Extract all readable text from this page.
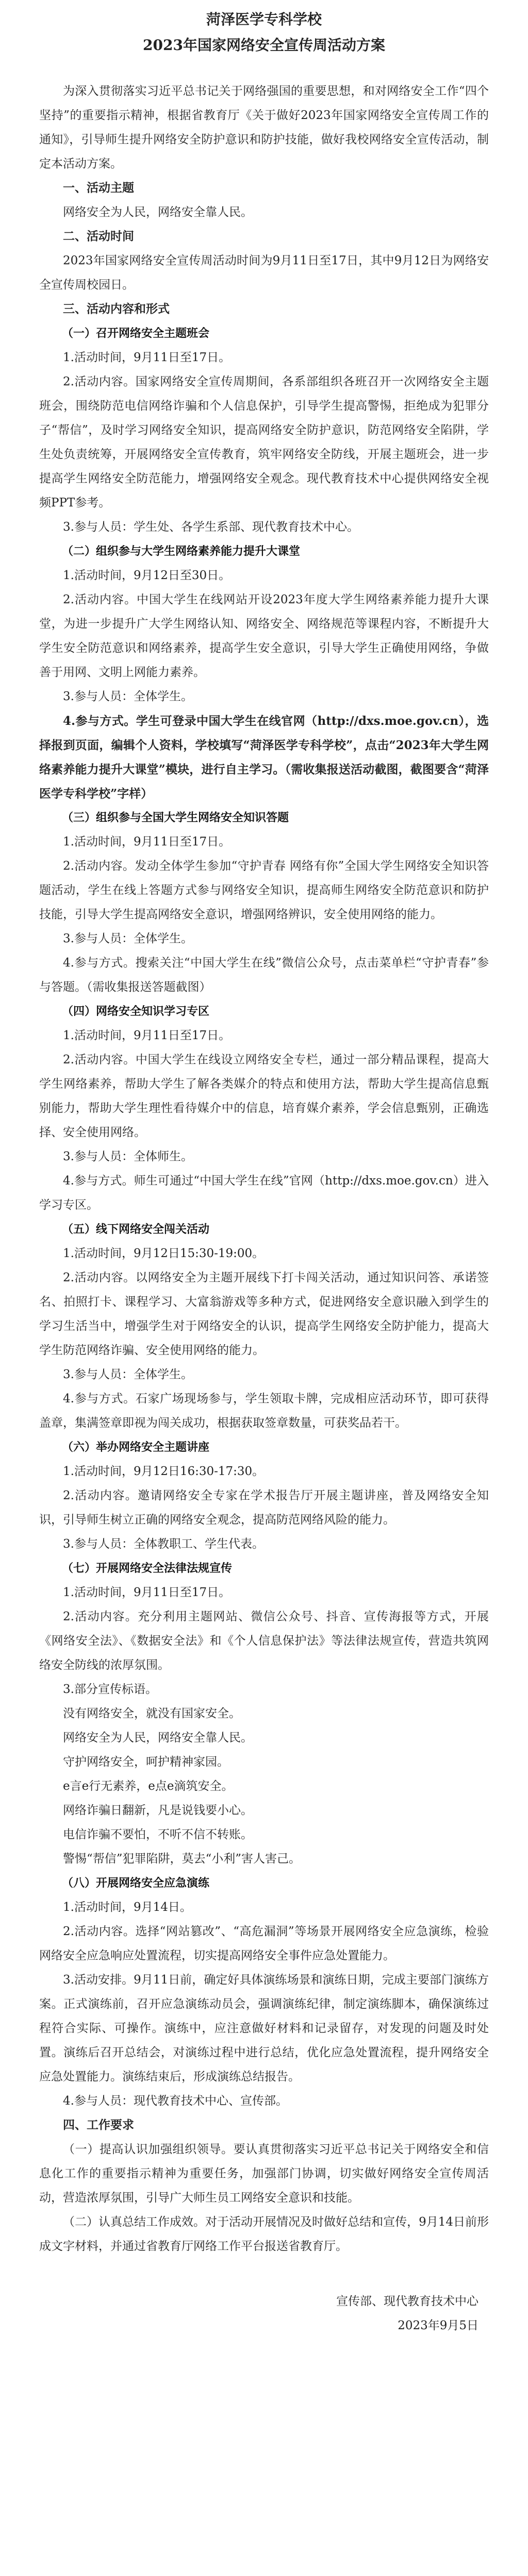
菏泽医学专科学校
2023年国家网络安全宣传周活动方案

为深入贯彻落实习近平总书记关于网络强国的重要思想，和对网络安全工作“四个坚持”的重要指示精神，根据省教育厅《关于做好2023年国家网络安全宣传周工作的通知》，引导师生提升网络安全防护意识和防护技能，做好我校网络安全宣传活动，制定本活动方案。

一、活动主题

网络安全为人民，网络安全靠人民。

二、活动时间

2023年国家网络安全宣传周活动时间为9月11日至17日，其中9月12日为网络安全宣传周校园日。

三、活动内容和形式

（一）召开网络安全主题班会

1.活动时间，9月11日至17日。

2.活动内容。国家网络安全宣传周期间，各系部组织各班召开一次网络安全主题班会，围绕防范电信网络诈骗和个人信息保护，引导学生提高警惕，拒绝成为犯罪分子“帮信”，及时学习网络安全知识，提高网络安全防护意识，防范网络安全陷阱，学生处负责统筹，开展网络安全宣传教育，筑牢网络安全防线，开展主题班会，进一步提高学生网络安全防范能力，增强网络安全观念。现代教育技术中心提供网络安全视频PPT参考。

3.参与人员：学生处、各学生系部、现代教育技术中心。

（二）组织参与大学生网络素养能力提升大课堂

1.活动时间，9月12日至30日。

2.活动内容。中国大学生在线网站开设2023年度大学生网络素养能力提升大课堂，为进一步提升广大学生网络认知、网络安全、网络规范等课程内容，不断提升大学生安全防范意识和网络素养，提高学生安全意识，引导大学生正确使用网络，争做善于用网、文明上网能力素养。

3.参与人员：全体学生。

4.参与方式。学生可登录中国大学生在线官网（http://dxs.moe.gov.cn），选择报到页面，编辑个人资料，学校填写“菏泽医学专科学校”，点击“2023年大学生网络素养能力提升大课堂”模块，进行自主学习。（需收集报送活动截图，截图要含“菏泽医学专科学校”字样）

（三）组织参与全国大学生网络安全知识答题

1.活动时间，9月11日至17日。

2.活动内容。发动全体学生参加“守护青春 网络有你”全国大学生网络安全知识答题活动，学生在线上答题方式参与网络安全知识，提高师生网络安全防范意识和防护技能，引导大学生提高网络安全意识，增强网络辨识，安全使用网络的能力。

3.参与人员：全体学生。

4.参与方式。搜索关注“中国大学生在线”微信公众号，点击菜单栏“守护青春”参与答题。（需收集报送答题截图）

（四）网络安全知识学习专区

1.活动时间，9月11日至17日。

2.活动内容。中国大学生在线设立网络安全专栏，通过一部分精品课程，提高大学生网络素养，帮助大学生了解各类媒介的特点和使用方法，帮助大学生提高信息甄别能力，帮助大学生理性看待媒介中的信息，培育媒介素养，学会信息甄别，正确选择、安全使用网络。

3.参与人员：全体师生。

4.参与方式。师生可通过“中国大学生在线”官网（http://dxs.moe.gov.cn）进入学习专区。

（五）线下网络安全闯关活动

1.活动时间，9月12日15:30-19:00。

2.活动内容。以网络安全为主题开展线下打卡闯关活动，通过知识问答、承诺签名、拍照打卡、课程学习、大富翁游戏等多种方式，促进网络安全意识融入到学生的学习生活当中，增强学生对于网络安全的认识，提高学生网络安全防护能力，提高大学生防范网络诈骗、安全使用网络的能力。

3.参与人员：全体学生。

4.参与方式。石家广场现场参与，学生领取卡牌，完成相应活动环节，即可获得盖章，集满签章即视为闯关成功，根据获取签章数量，可获奖品若干。

（六）举办网络安全主题讲座

1.活动时间，9月12日16:30-17:30。

2.活动内容。邀请网络安全专家在学术报告厅开展主题讲座，普及网络安全知识，引导师生树立正确的网络安全观念，提高防范网络风险的能力。

3.参与人员：全体教职工、学生代表。

（七）开展网络安全法律法规宣传

1.活动时间，9月11日至17日。

2.活动内容。充分利用主题网站、微信公众号、抖音、宣传海报等方式，开展《网络安全法》、《数据安全法》和《个人信息保护法》等法律法规宣传，营造共筑网络安全防线的浓厚氛围。

3.部分宣传标语。

没有网络安全，就没有国家安全。

网络安全为人民，网络安全靠人民。

守护网络安全，呵护精神家园。

e言e行无素养，e点e滴筑安全。

网络诈骗日翻新，凡是说钱要小心。

电信诈骗不要怕，不听不信不转账。

警惕“帮信”犯罪陷阱，莫去“小利”害人害己。

（八）开展网络安全应急演练

1.活动时间，9月14日。

2.活动内容。选择“网站篡改”、“高危漏洞”等场景开展网络安全应急演练，检验网络安全应急响应处置流程，切实提高网络安全事件应急处置能力。

3.活动安排。9月11日前，确定好具体演练场景和演练日期，完成主要部门演练方案。正式演练前，召开应急演练动员会，强调演练纪律，制定演练脚本，确保演练过程符合实际、可操作。演练中，应注意做好材料和记录留存，对发现的问题及时处置。演练后召开总结会，对演练过程中进行总结，优化应急处置流程，提升网络安全应急处置能力。演练结束后，形成演练总结报告。

4.参与人员：现代教育技术中心、宣传部。

四、工作要求

（一）提高认识加强组织领导。要认真贯彻落实习近平总书记关于网络安全和信息化工作的重要指示精神为重要任务，加强部门协调，切实做好网络安全宣传周活动，营造浓厚氛围，引导广大师生员工网络安全意识和技能。

（二）认真总结工作成效。对于活动开展情况及时做好总结和宣传，9月14日前形成文字材料，并通过省教育厅网络工作平台报送省教育厅。

宣传部、现代教育技术中心

2023年9月5日
